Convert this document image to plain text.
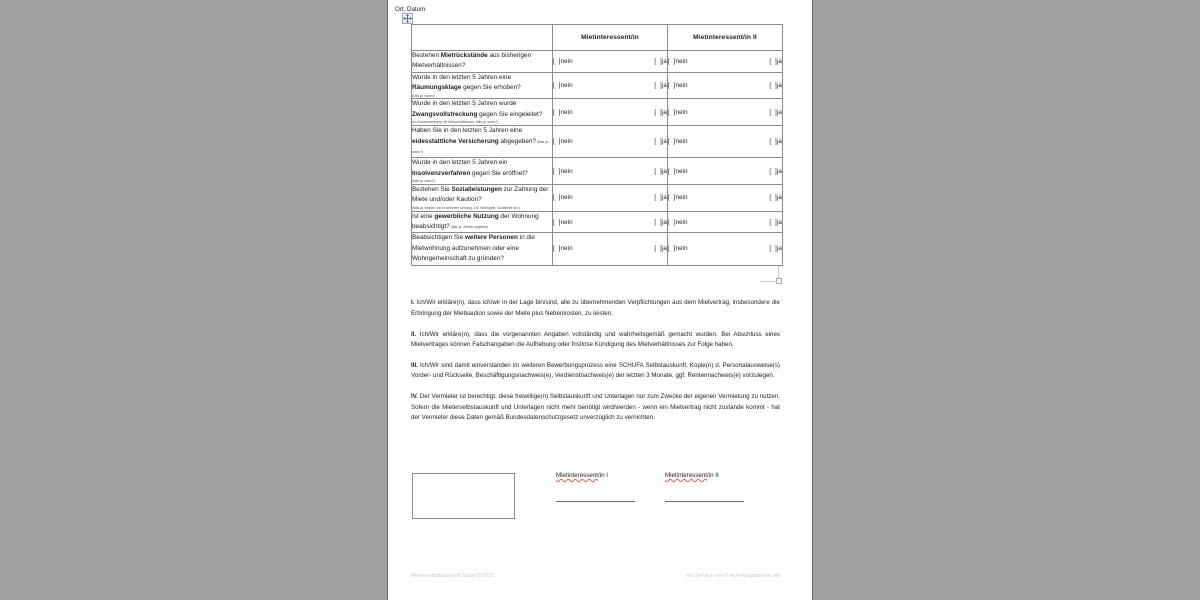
	Mietinteressent/in	Mietinteressent/in II
Bestehen Mietrückstände aus bisherigen Mietverhältnissen?	[  ]nein [  ]ja	[  ]nein [  ]ja

Wurde in den letzten 5 Jahren eine Räumungsklage gegen Sie erhoben?
(falls ja, wann?)	[  ]nein [  ]ja	[  ]nein [  ]ja

Wurde in den letzten 5 Jahren wurde Zwangsvollstreckung gegen Sie eingeleitet?
(im Zusammenhang mit Mietverhältnissen, falls ja, wann?)	[  ]nein [  ]ja	[  ]nein [  ]ja

Haben Sie in den letzten 5 Jahren eine eidesstattliche Versicherung abgegeben? (falls ja, wann?)	[  ]nein [  ]ja	[  ]nein [  ]ja

Wurde in den letzten 5 Jahren ein Insolvenzverfahren gegen Sie eröffnet?
(falls ja, wann?)	[  ]nein [  ]ja	[  ]nein [  ]ja

Beziehen Sie Sozialleistungen zur Zahlung der Miete und/oder Kaution?
(falls ja, welche und in welchem Umfang, z.B. Wohngeld, Sozialhilfe etc.)	[  ]nein [  ]ja	[  ]nein [  ]ja

Ist eine gewerbliche Nutzung der Wohnung beabsichtigt? (falls ja, Zweck angeben)	[  ]nein [  ]ja	[  ]nein [  ]ja

Beabsichtigen Sie weitere Personen in die Mietwohnung aufzunehmen oder eine Wohngemeinschaft zu gründen?	[  ]nein [  ]ja	[  ]nein [  ]ja

I. Ich/Wir erkläre(n), dass ich/wir in der Lage bin/sind, alle zu übernehmenden Verpflichtungen aus dem Mietvertrag, insbesondere die Erbringung der Mietkaution sowie der Miete plus Nebenkosten, zu leisten.

II. Ich/Wir erkläre(n), dass die vorgenannten Angaben vollständig und wahrheitsgemäß gemacht wurden. Bei Abschluss eines Mietvertrages können Falschangaben die Aufhebung oder fristlose Kündigung des Mietverhältnisses zur Folge haben.

III. Ich/Wir sind damit einverstanden im weiteren Bewerbungsprozess eine SCHUFA Selbstauskunft, Kopie(n) d. Personalausweise(s) Vorder- und Rückseite, Beschäftigungsnachweis(e), Verdienstnachweis(e) der letzten 3 Monate, ggf. Rentennachweis(e) vorzulegen.

IV. Der Vermieter ist berechtigt, diese freiwillige(n) Selbstauskunft und Unterlagen nur zum Zwecke der eigenen Vermietung zu nutzen. Sofern die Mieterselbstauskunft und Unterlagen nicht mehr benötigt wird/werden - wenn ein Mietvertrag nicht zustande kommt - hat der Vermieter diese Daten gemäß Bundesdatenschutzgesetz unverzüglich zu vernichten.

Ort, Datum
Mietinteressent/in I	Mietinteressent/in II
Mieterselbstauskunft Stand 5/2021	ein Service von © wohnungsboerse.net
